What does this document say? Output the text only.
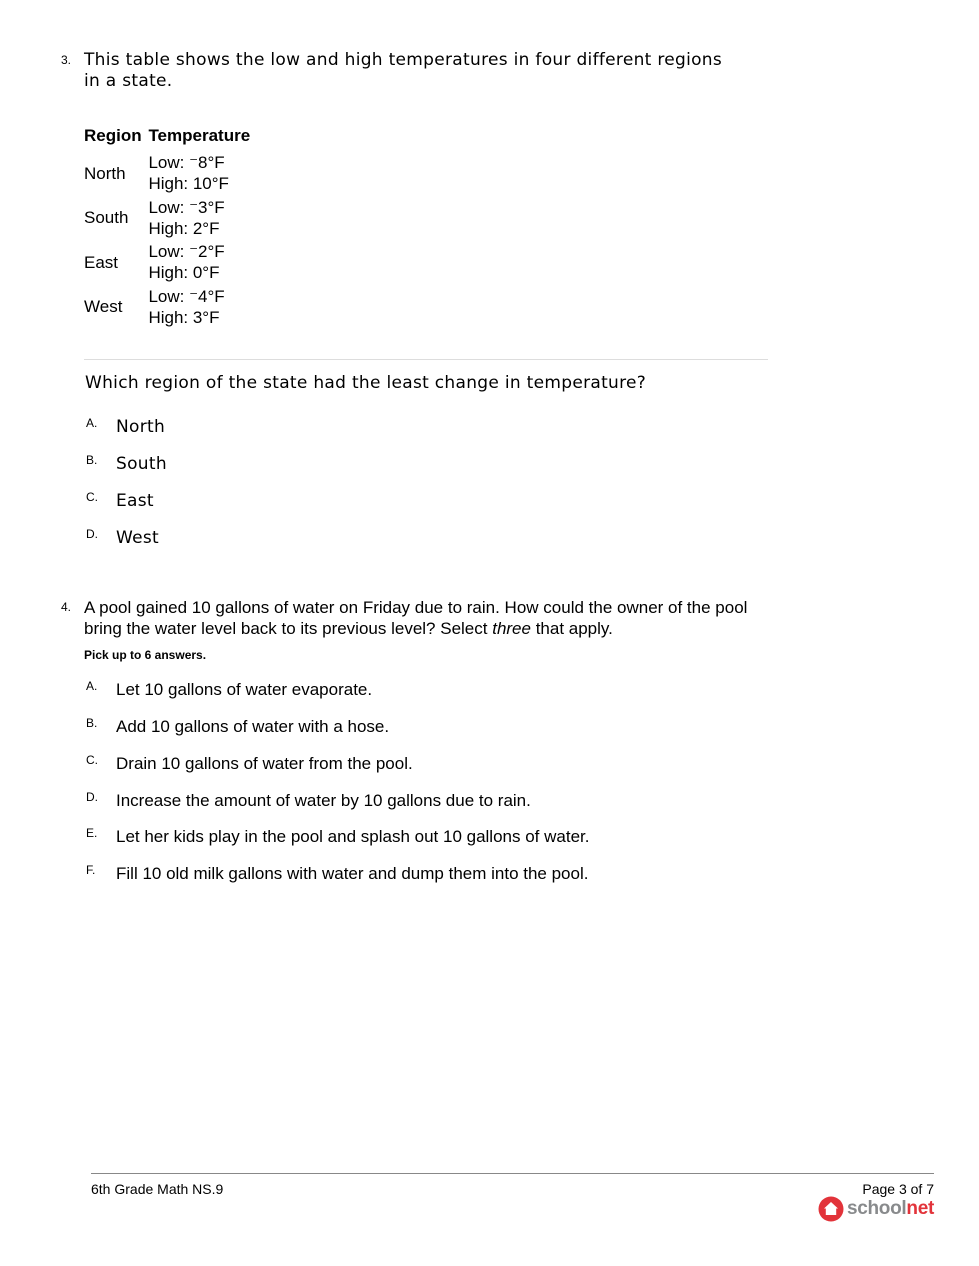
3. This table shows the low and high temperatures in four different regions
in a state.
Region	Temperature
North	Low: ⁻8°F
High: 10°F

South	Low: ⁻3°F
High: 2°F

East	Low: ⁻2°F
High: 0°F

West	Low: ⁻4°F
High: 3°F
Which region of the state had the least change in temperature?
A. North
B. South
C. East
D. West
4. A pool gained 10 gallons of water on Friday due to rain. How could the owner of the pool
bring the water level back to its previous level? Select three that apply.
Pick up to 6 answers.
A. Let 10 gallons of water evaporate.
B. Add 10 gallons of water with a hose.
C. Drain 10 gallons of water from the pool.
D. Increase the amount of water by 10 gallons due to rain.
E. Let her kids play in the pool and splash out 10 gallons of water.
F. Fill 10 old milk gallons with water and dump them into the pool.
6th Grade Math NS.9	Page 3 of 7
schoolnet
